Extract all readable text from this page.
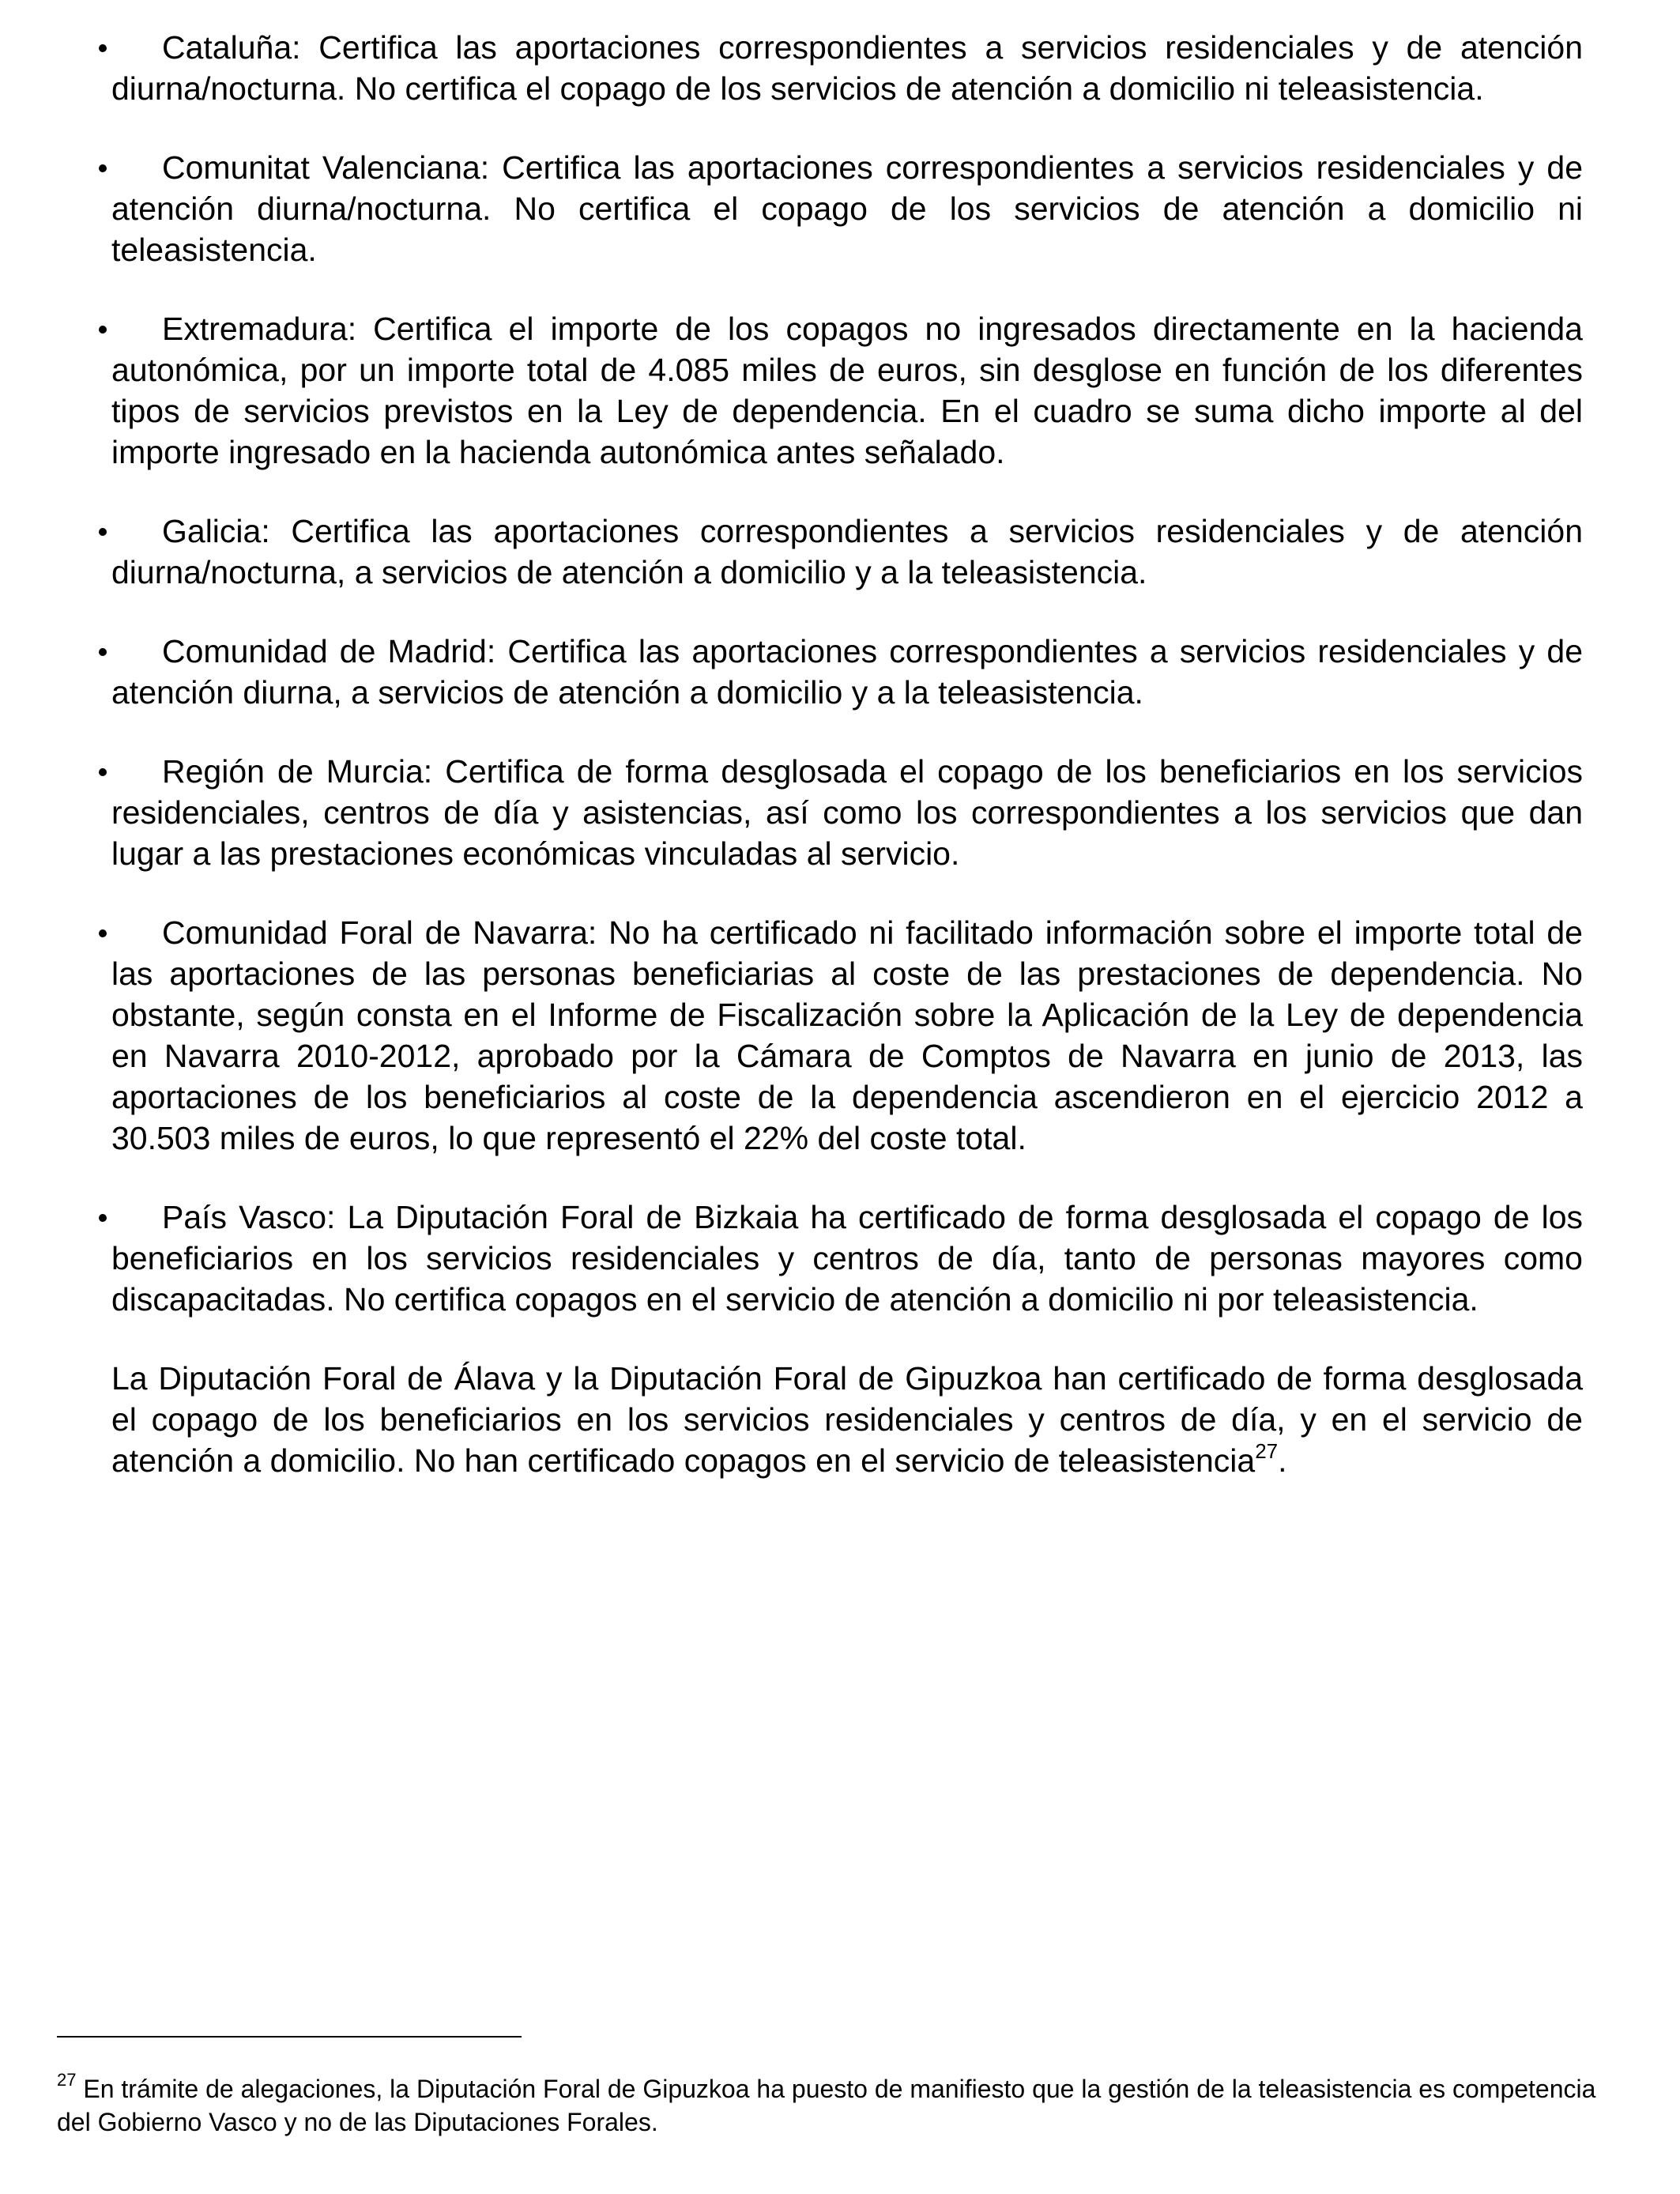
Cataluña: Certifica las aportaciones correspondientes a servicios residenciales y de atención diurna/nocturna. No certifica el copago de los servicios de atención a domicilio ni teleasistencia.

Comunitat Valenciana: Certifica las aportaciones correspondientes a servicios residenciales y de atención diurna/nocturna. No certifica el copago de los servicios de atención a domicilio ni teleasistencia.

Extremadura: Certifica el importe de los copagos no ingresados directamente en la hacienda autonómica, por un importe total de 4.085 miles de euros, sin desglose en función de los diferentes tipos de servicios previstos en la Ley de dependencia. En el cuadro se suma dicho importe al del importe ingresado en la hacienda autonómica antes señalado.

Galicia: Certifica las aportaciones correspondientes a servicios residenciales y de atención diurna/nocturna, a servicios de atención a domicilio y a la teleasistencia.

Comunidad de Madrid: Certifica las aportaciones correspondientes a servicios residenciales y de atención diurna, a servicios de atención a domicilio y a la teleasistencia.

Región de Murcia: Certifica de forma desglosada el copago de los beneficiarios en los servicios residenciales, centros de día y asistencias, así como los correspondientes a los servicios que dan lugar a las prestaciones económicas vinculadas al servicio.

Comunidad Foral de Navarra: No ha certificado ni facilitado información sobre el importe total de las aportaciones de las personas beneficiarias al coste de las prestaciones de dependencia. No obstante, según consta en el Informe de Fiscalización sobre la Aplicación de la Ley de dependencia en Navarra 2010-2012, aprobado por la Cámara de Comptos de Navarra en junio de 2013, las aportaciones de los beneficiarios al coste de la dependencia ascendieron en el ejercicio 2012 a 30.503 miles de euros, lo que representó el 22% del coste total.

País Vasco: La Diputación Foral de Bizkaia ha certificado de forma desglosada el copago de los beneficiarios en los servicios residenciales y centros de día, tanto de personas mayores como discapacitadas. No certifica copagos en el servicio de atención a domicilio ni por teleasistencia.

La Diputación Foral de Álava y la Diputación Foral de Gipuzkoa han certificado de forma desglosada el copago de los beneficiarios en los servicios residenciales y centros de día, y en el servicio de atención a domicilio. No han certificado copagos en el servicio de teleasistencia$^{27}$.

$^{27}$ En trámite de alegaciones, la Diputación Foral de Gipuzkoa ha puesto de manifiesto que la gestión de la teleasistencia es competencia del Gobierno Vasco y no de las Diputaciones Forales.
